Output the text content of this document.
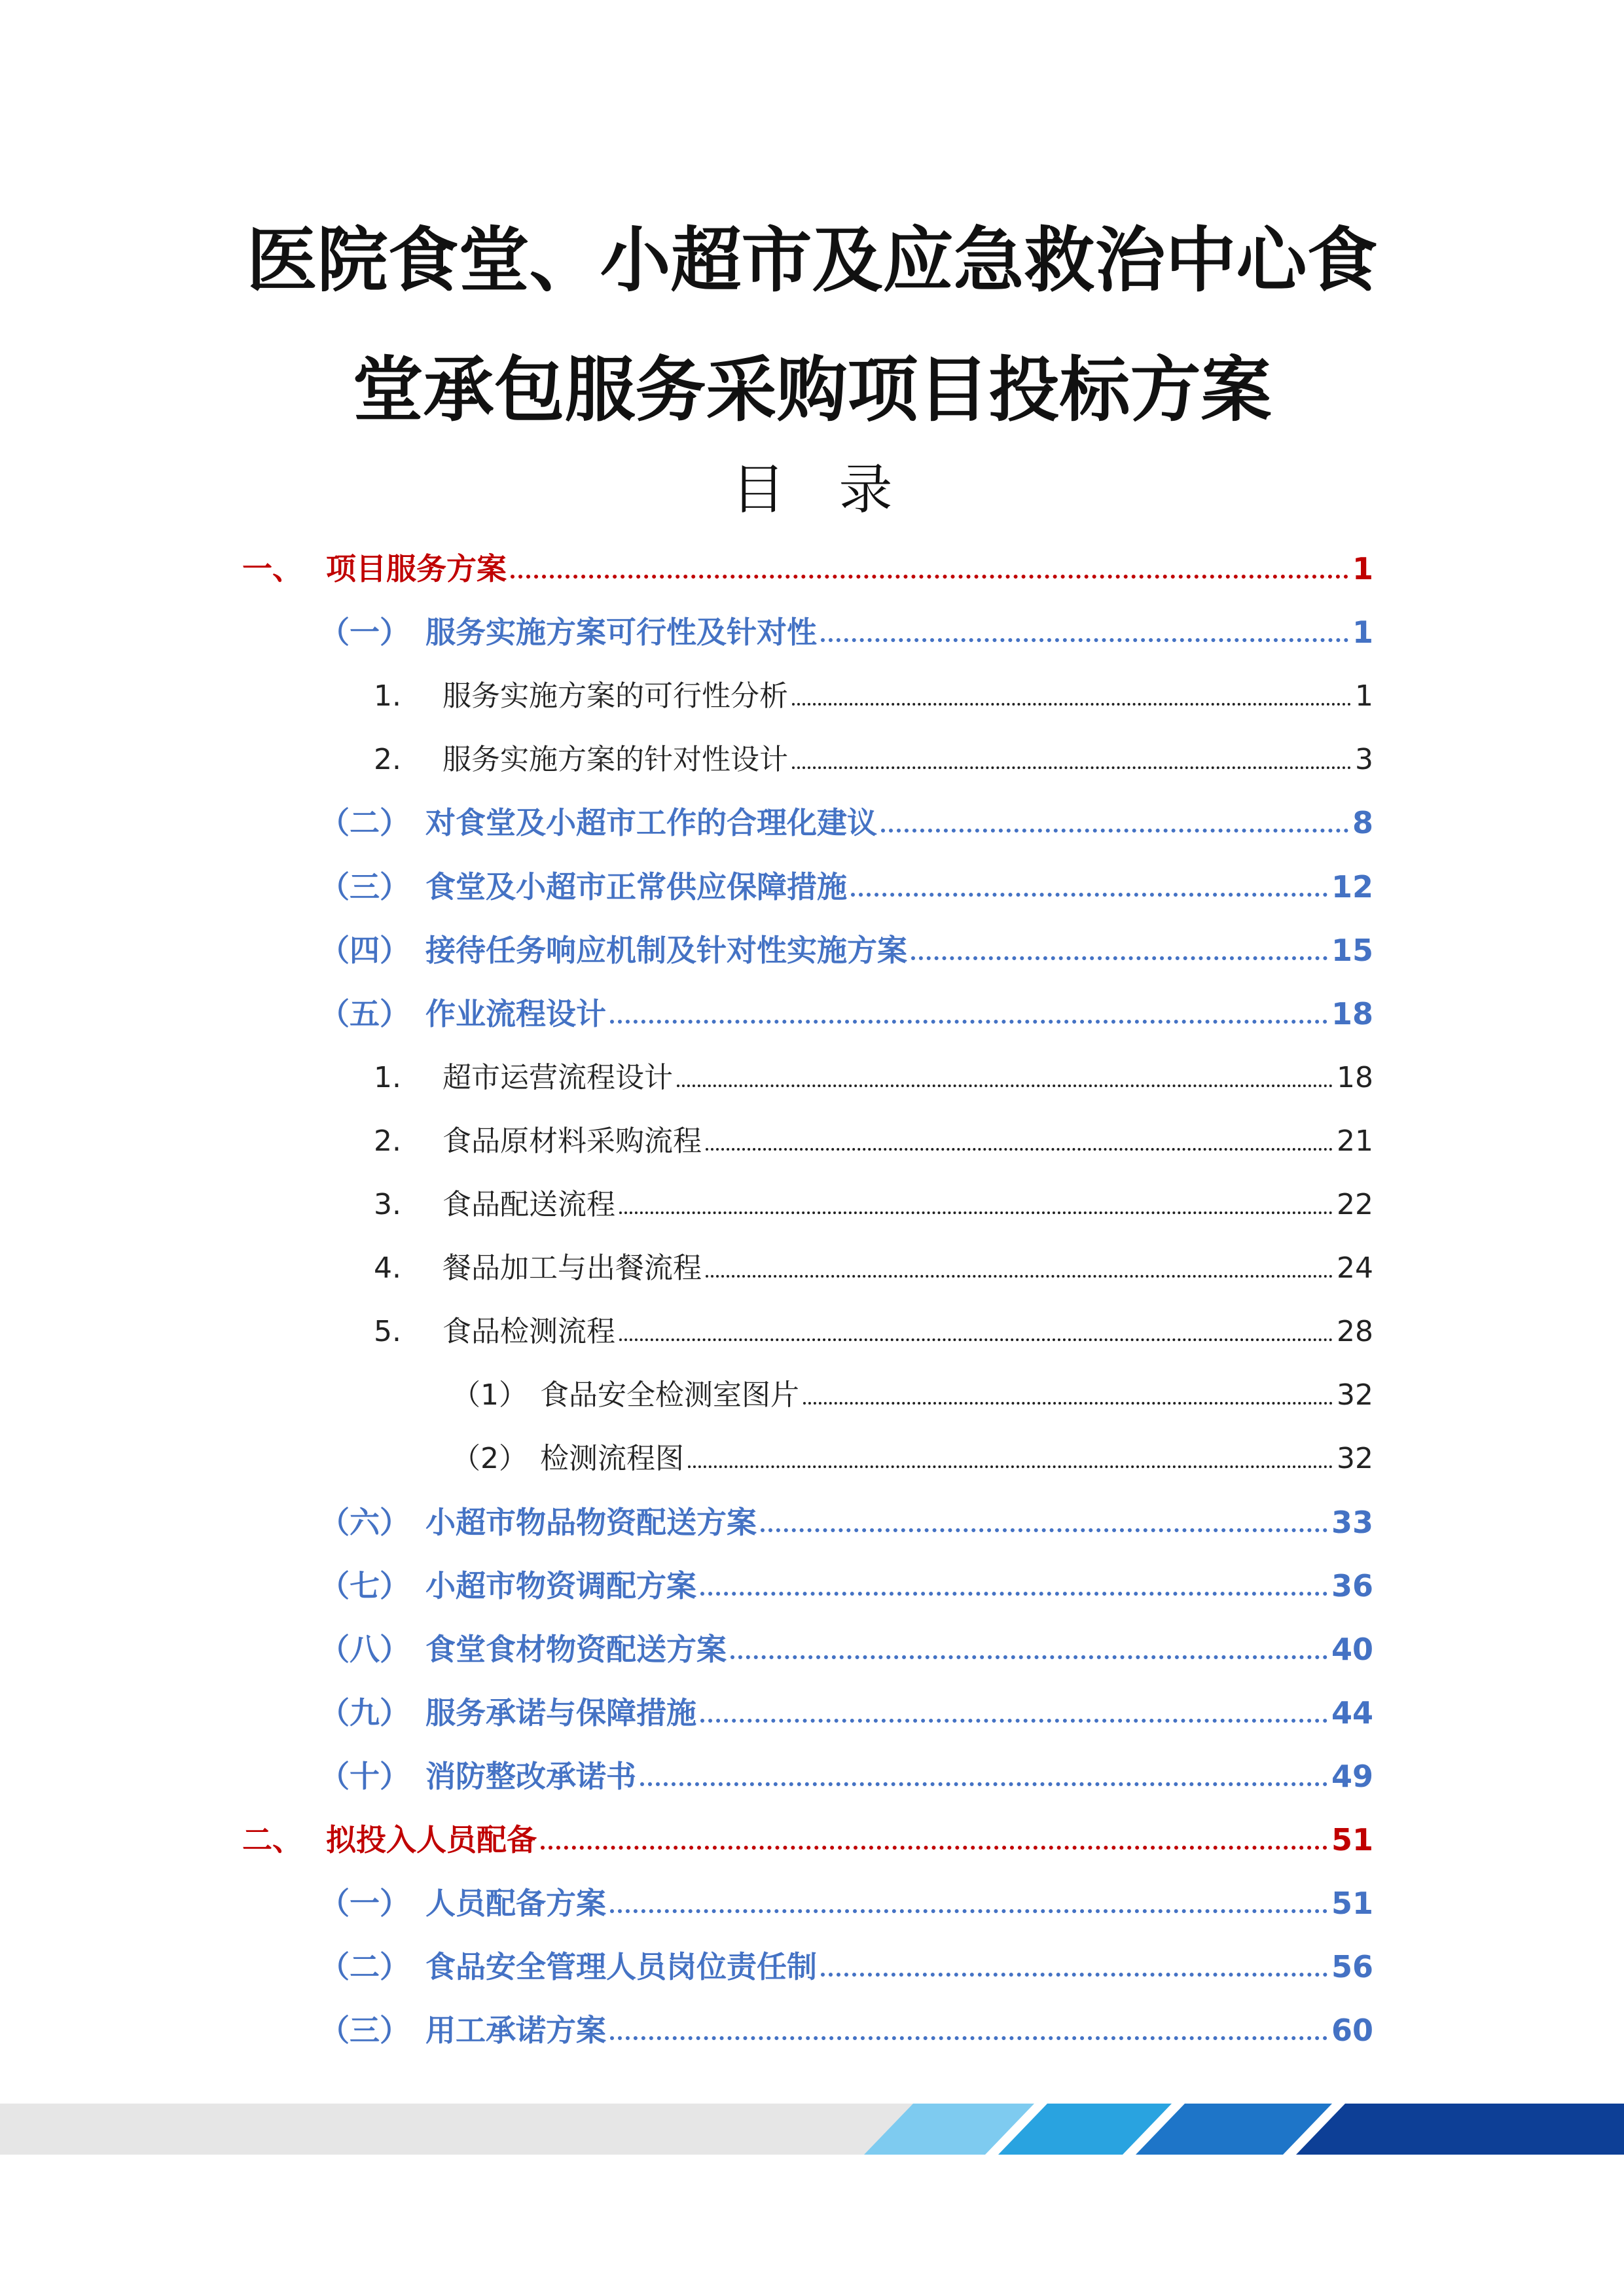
医院食堂、小超市及应急救治中心食
堂承包服务采购项目投标方案
目　录
一、 项目服务方案	1
（一） 服务实施方案可行性及针对性	1
1.	服务实施方案的可行性分析	1
2.	服务实施方案的针对性设计	3
（二） 对食堂及小超市工作的合理化建议	8
（三） 食堂及小超市正常供应保障措施	12
（四） 接待任务响应机制及针对性实施方案	15
（五） 作业流程设计	18
1.	超市运营流程设计	18
2.	食品原材料采购流程	21
3.	食品配送流程	22
4.	餐品加工与出餐流程	24
5.	食品检测流程	28
（1） 食品安全检测室图片	32
（2） 检测流程图	32
（六） 小超市物品物资配送方案	33
（七） 小超市物资调配方案	36
（八） 食堂食材物资配送方案	40
（九） 服务承诺与保障措施	44
（十） 消防整改承诺书	49
二、 拟投入人员配备	51
（一） 人员配备方案	51
（二） 食品安全管理人员岗位责任制	56
（三） 用工承诺方案	60
